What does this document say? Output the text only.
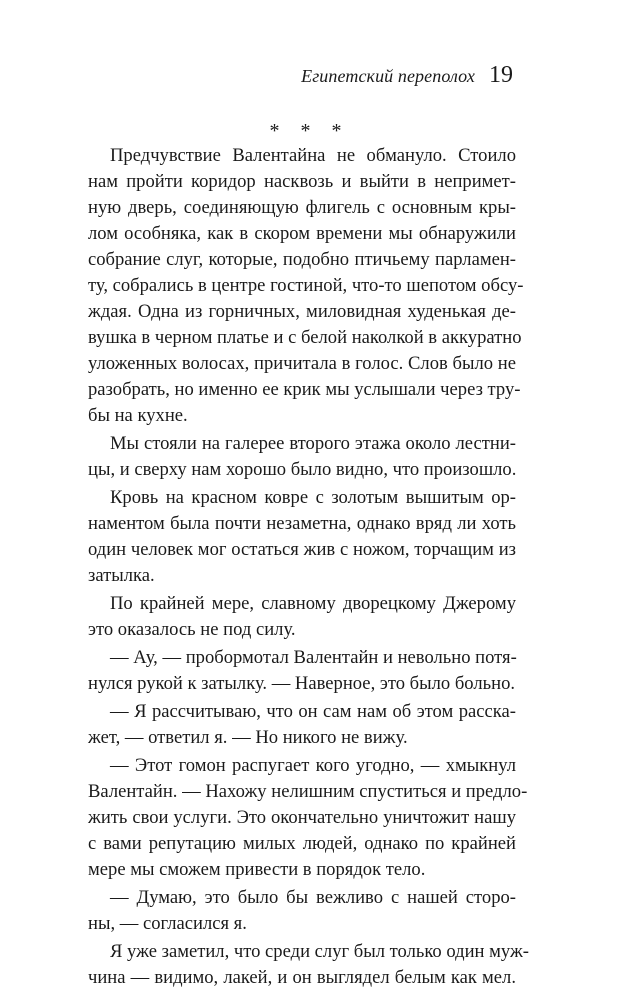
Египетский переполох 19
* * *

Предчувствие Валентайна не обмануло. Стоило
нам пройти коридор насквозь и выйти в непримет-
ную дверь, соединяющую флигель с основным кры-
лом особняка, как в скором времени мы обнаружили
собрание слуг, которые, подобно птичьему парламен-
ту, собрались в центре гостиной, что-то шепотом обсу-
ждая. Одна из горничных, миловидная худенькая де-
вушка в черном платье и с белой наколкой в аккуратно
уложенных волосах, причитала в голос. Слов было не
разобрать, но именно ее крик мы услышали через тру-
бы на кухне.

Мы стояли на галерее второго этажа около лестни-
цы, и сверху нам хорошо было видно, что произошло.

Кровь на красном ковре с золотым вышитым ор-
наментом была почти незаметна, однако вряд ли хоть
один человек мог остаться жив с ножом, торчащим из
затылка.

По крайней мере, славному дворецкому Джерому
это оказалось не под силу.

— Ау, — пробормотал Валентайн и невольно потя-
нулся рукой к затылку. — Наверное, это было больно.

— Я рассчитываю, что он сам нам об этом расска-
жет, — ответил я. — Но никого не вижу.

— Этот гомон распугает кого угодно, — хмыкнул
Валентайн. — Нахожу нелишним спуститься и предло-
жить свои услуги. Это окончательно уничтожит нашу
с вами репутацию милых людей, однако по крайней
мере мы сможем привести в порядок тело.

— Думаю, это было бы вежливо с нашей сторо-
ны, — согласился я.

Я уже заметил, что среди слуг был только один муж-
чина — видимо, лакей, и он выглядел белым как мел.
